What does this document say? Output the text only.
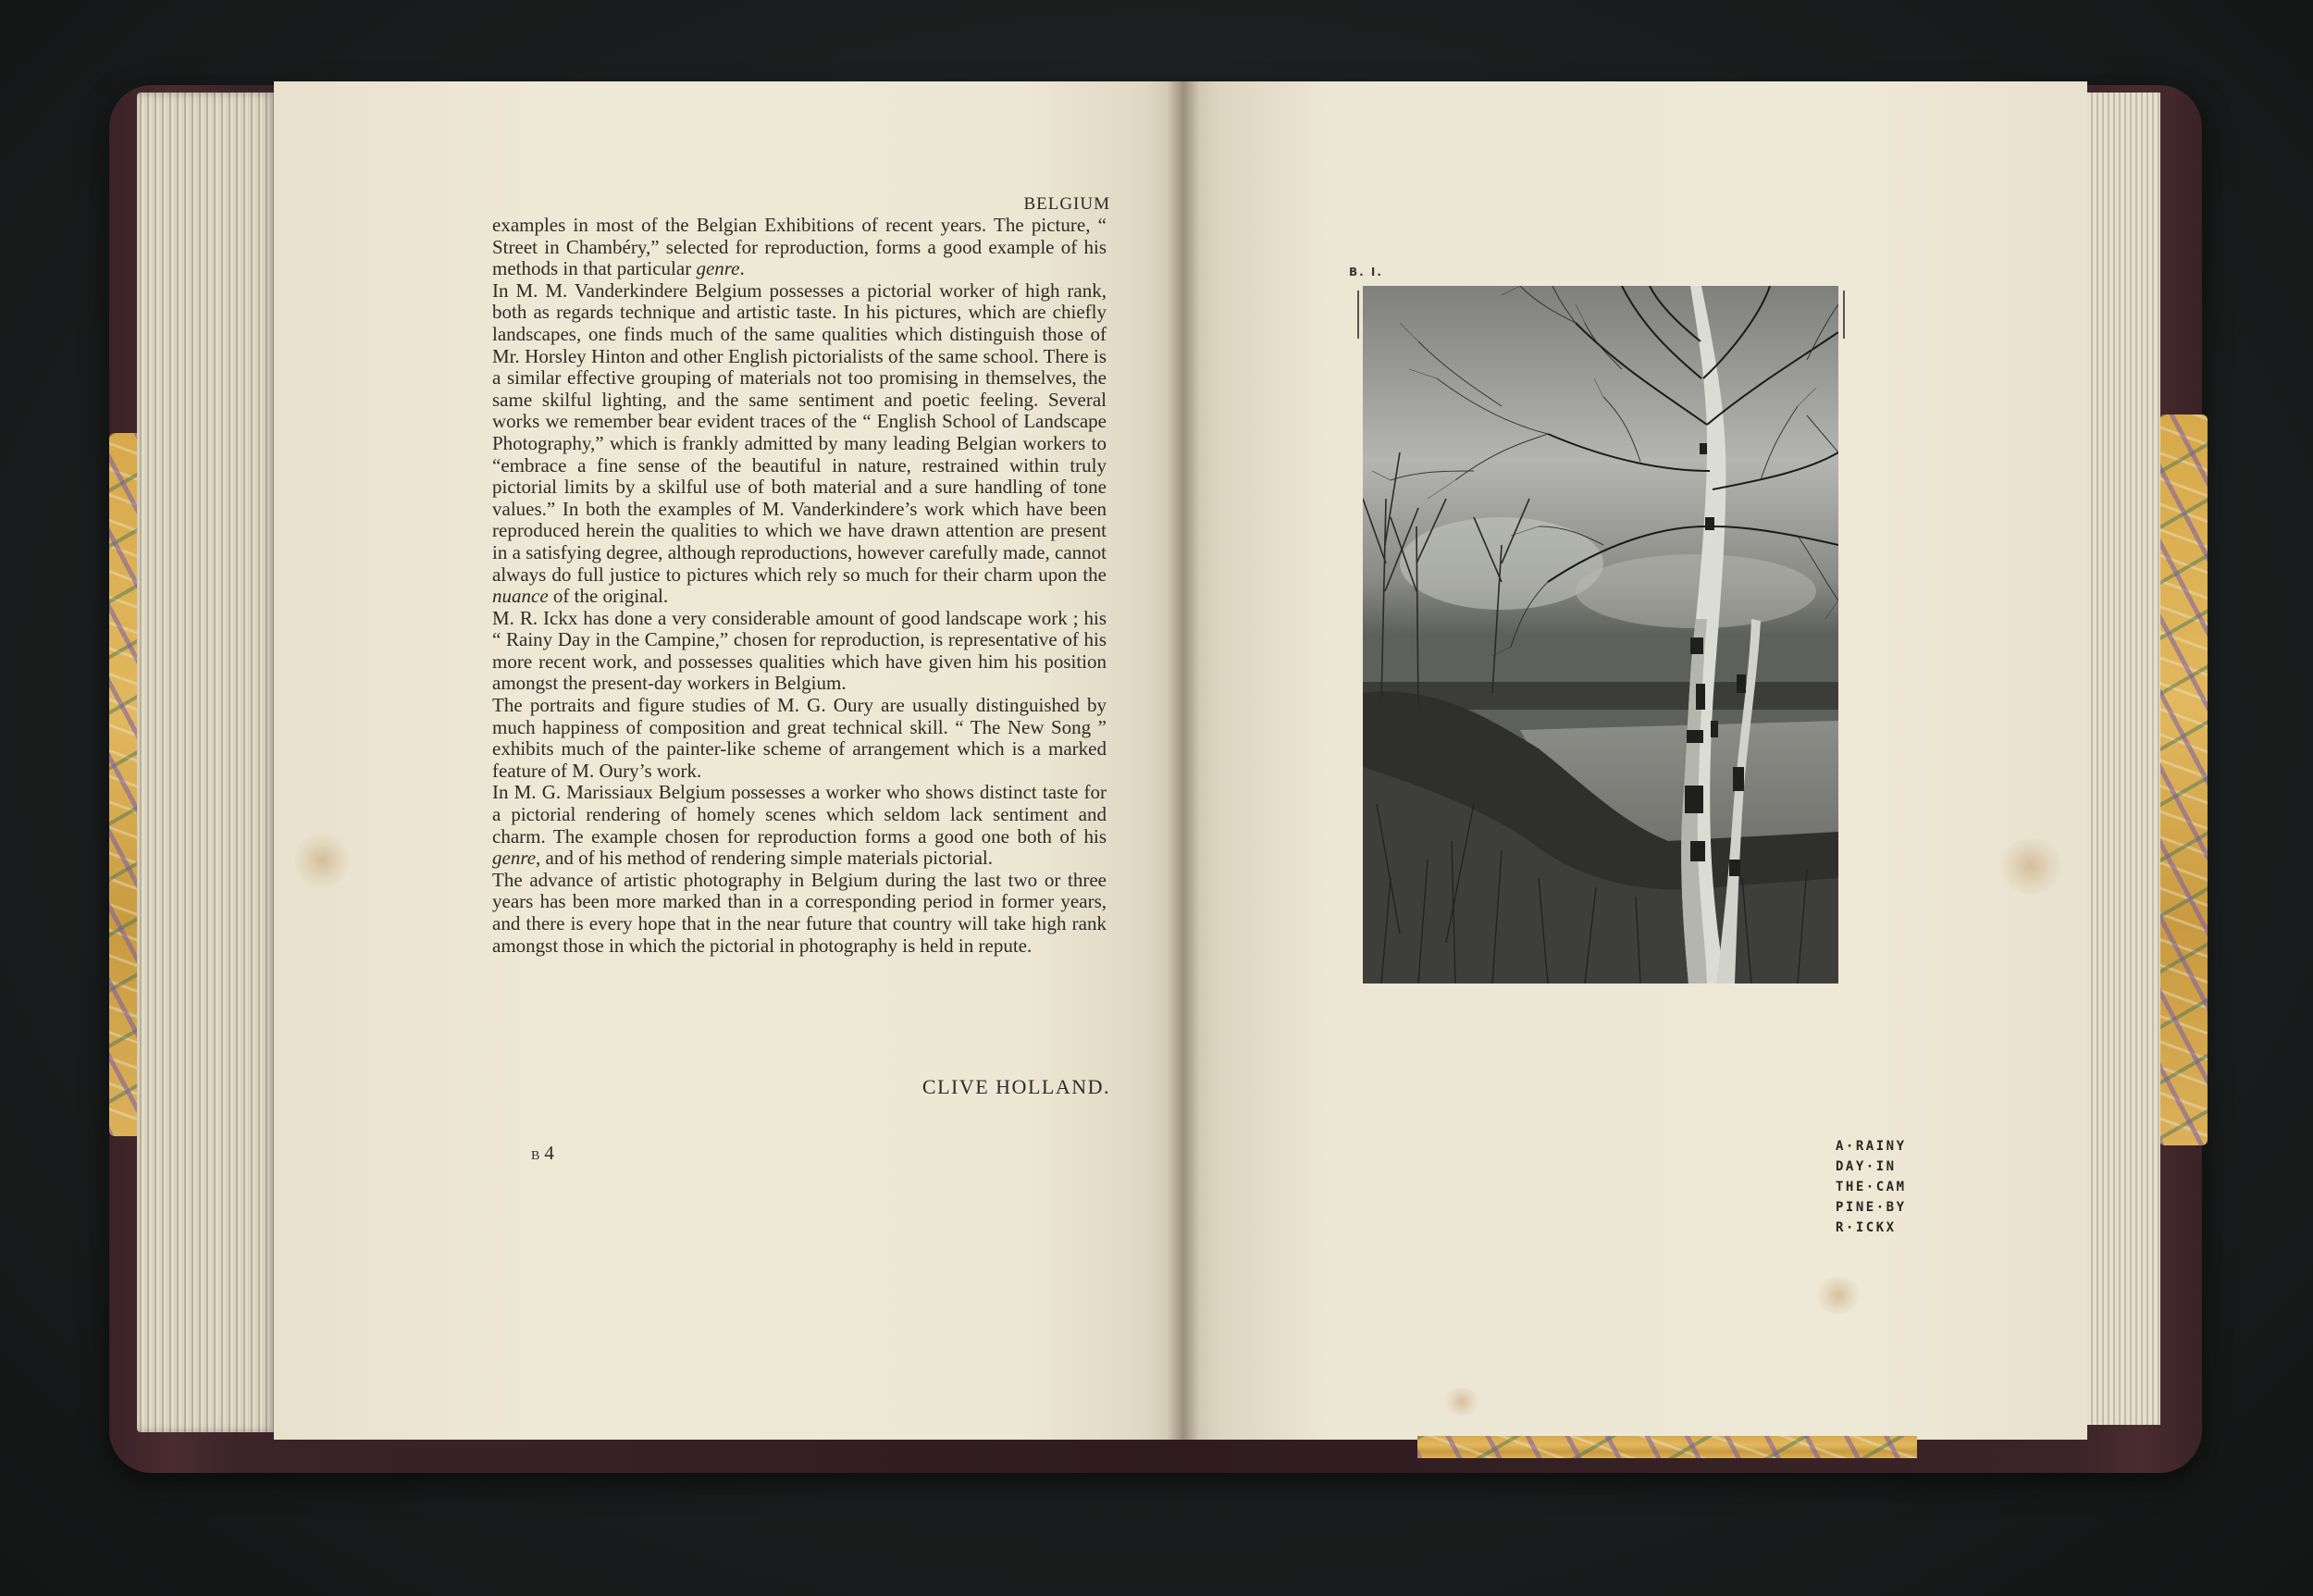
BELGIUM

examples in most of the Belgian Exhibitions of recent years. The picture, “ Street in Chambéry,” selected for reproduction, forms a good example of his methods in that particular genre.

In M. M. Vanderkindere Belgium possesses a pictorial worker of high rank, both as regards technique and artistic taste. In his pictures, which are chiefly landscapes, one finds much of the same qualities which distinguish those of Mr. Horsley Hinton and other English pictorialists of the same school. There is a similar effective grouping of materials not too promising in themselves, the same skilful lighting, and the same sentiment and poetic feeling. Several works we remember bear evident traces of the “ English School of Landscape Photography,” which is frankly admitted by many leading Belgian workers to “embrace a fine sense of the beautiful in nature, restrained within truly pictorial limits by a skilful use of both material and a sure handling of tone values.” In both the examples of M. Vanderkindere’s work which have been reproduced herein the qualities to which we have drawn attention are present in a satisfying degree, although reproductions, however carefully made, cannot always do full justice to pictures which rely so much for their charm upon the nuance of the original.

M. R. Ickx has done a very considerable amount of good landscape work ; his “ Rainy Day in the Campine,” chosen for reproduction, is representative of his more recent work, and possesses qualities which have given him his position amongst the present-day workers in Belgium.

The portraits and figure studies of M. G. Oury are usually distinguished by much happiness of composition and great technical skill. “ The New Song ” exhibits much of the painter-like scheme of arrangement which is a marked feature of M. Oury’s work.

In M. G. Marissiaux Belgium possesses a worker who shows distinct taste for a pictorial rendering of homely scenes which seldom lack sentiment and charm. The example chosen for reproduction forms a good one both of his genre, and of his method of rendering simple materials pictorial.

The advance of artistic photography in Belgium during the last two or three years has been more marked than in a corresponding period in former years, and there is every hope that in the near future that country will take high rank amongst those in which the pictorial in photography is held in repute.

CLIVE HOLLAND.
B 4
B. I.
A·RAINY
DAY·IN
THE·CAM
PINE·BY
R·ICKX
